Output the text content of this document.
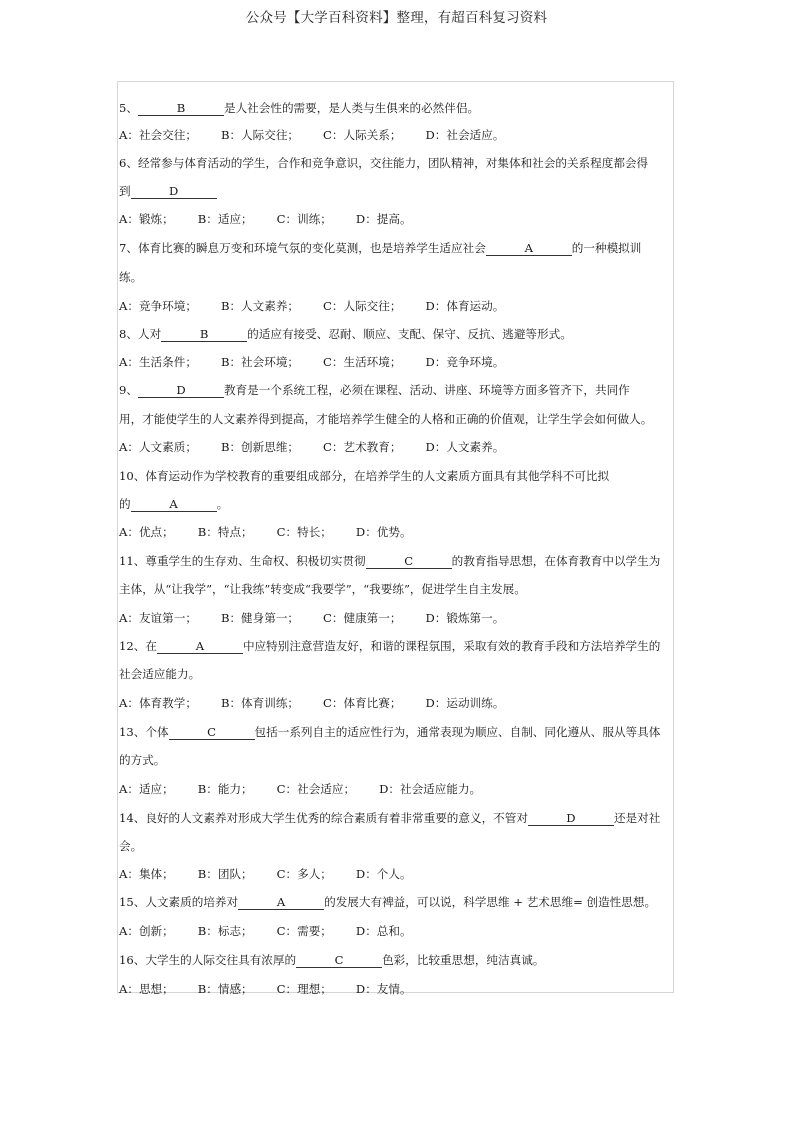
公众号【大学百科资料】整理，有超百科复习资料
5、	B	是人社会性的需要，是人类与生俱来的必然伴侣。
A：社会交往； B：人际交往； C：人际关系； D：社会适应。
6、经常参与体育活动的学生，合作和竞争意识，交往能力，团队精神，对集体和社会的关系程度都会得
到	D
A：锻炼； B：适应； C：训练； D：提高。
7、体育比赛的瞬息万变和环境气氛的变化莫测，也是培养学生适应社会	A	的一种模拟训
练。
A：竞争环境； B：人文素养； C：人际交往； D：体育运动。
8、人对	B	的适应有接受、忍耐、顺应、支配、保守、反抗、逃避等形式。
A：生活条件； B：社会环境； C：生活环境； D：竞争环境。
9、	D	教育是一个系统工程，必须在课程、活动、讲座、环境等方面多管齐下，共同作
用，才能使学生的人文素养得到提高，才能培养学生健全的人格和正确的价值观，让学生学会如何做人。
A：人文素质； B：创新思维； C：艺术教育； D：人文素养。
10、体育运动作为学校教育的重要组成部分，在培养学生的人文素质方面具有其他学科不可比拟
的	A	。
A：优点； B：特点； C：特长； D：优势。
11、尊重学生的生存劝、生命权、积极切实贯彻	C	的教育指导思想，在体育教育中以学生为
主体，从“让我学”，“让我练”转变成“我要学”，“我要练”，促进学生自主发展。
A：友谊第一； B：健身第一； C：健康第一； D：锻炼第一。
12、在	A	中应特别注意营造友好，和谐的课程氛围，采取有效的教育手段和方法培养学生的
社会适应能力。
A：体育教学； B：体育训练； C：体育比赛； D：运动训练。
13、个体	C	包括一系列自主的适应性行为，通常表现为顺应、自制、同化遵从、服从等具体
的方式。
A：适应； B：能力； C：社会适应； D：社会适应能力。
14、良好的人文素养对形成大学生优秀的综合素质有着非常重要的意义，不管对	D	还是对社
会。
A：集体； B：团队； C：多人； D：个人。
15、人文素质的培养对	A	的发展大有裨益，可以说，科学思维 + 艺术思维= 创造性思想。
A：创新； B：标志； C：需要； D：总和。
16、大学生的人际交往具有浓厚的	C	色彩，比较重思想，纯洁真诚。
A：思想； B：情感； C：理想； D：友情。
